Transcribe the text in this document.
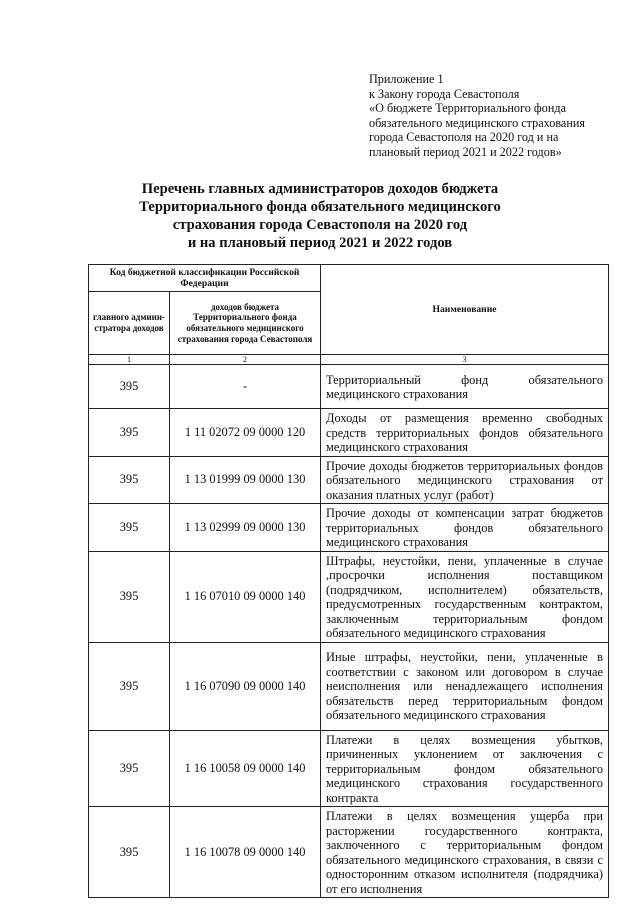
Приложение 1
к Закону города Севастополя
«О бюджете Территориального фонда
обязательного медицинского страхования
города Севастополя на 2020 год и на
плановый период 2021 и 2022 годов»
Перечень главных администраторов доходов бюджета
Территориального фонда обязательного медицинского
страхования города Севастополя на 2020 год
и на плановый период 2021 и 2022 годов
Код бюджетной классификации Российской Федерации		Наименование
главного админи-стратора доходов	доходов бюджета Территориального фонда обязательного медицинского страхования города Севастополя	
1	2	3
395	-	Территориальный фонд обязательного медицинского страхования
395	1 11 02072 09 0000 120	Доходы от размещения временно свободных средств территориальных фондов обязательного медицинского страхования
395	1 13 01999 09 0000 130	Прочие доходы бюджетов территориальных фондов обязательного медицинского страхования от оказания платных услуг (работ)
395	1 13 02999 09 0000 130	Прочие доходы от компенсации затрат бюджетов территориальных фондов обязательного медицинского страхования
395	1 16 07010 09 0000 140	Штрафы, неустойки, пени, уплаченные в случае ,просрочки исполнения поставщиком (подрядчиком, исполнителем) обязательств, предусмотренных государственным контрактом, заключенным территориальным фондом обязательного медицинского страхования
395	1 16 07090 09 0000 140	Иные штрафы, неустойки, пени, уплаченные в соответствии с законом или договором в случае неисполнения или ненадлежащего исполнения обязательств перед территориальным фондом обязательного медицинского страхования
395	1 16 10058 09 0000 140	Платежи в целях возмещения убытков, причиненных уклонением от заключения с территориальным фондом обязательного медицинского страхования государственного контракта
395	1 16 10078 09 0000 140	Платежи в целях возмещения ущерба при расторжении государственного контракта, заключенного с территориальным фондом обязательного медицинского страхования, в связи с односторонним отказом исполнителя (подрядчика) от его исполнения
